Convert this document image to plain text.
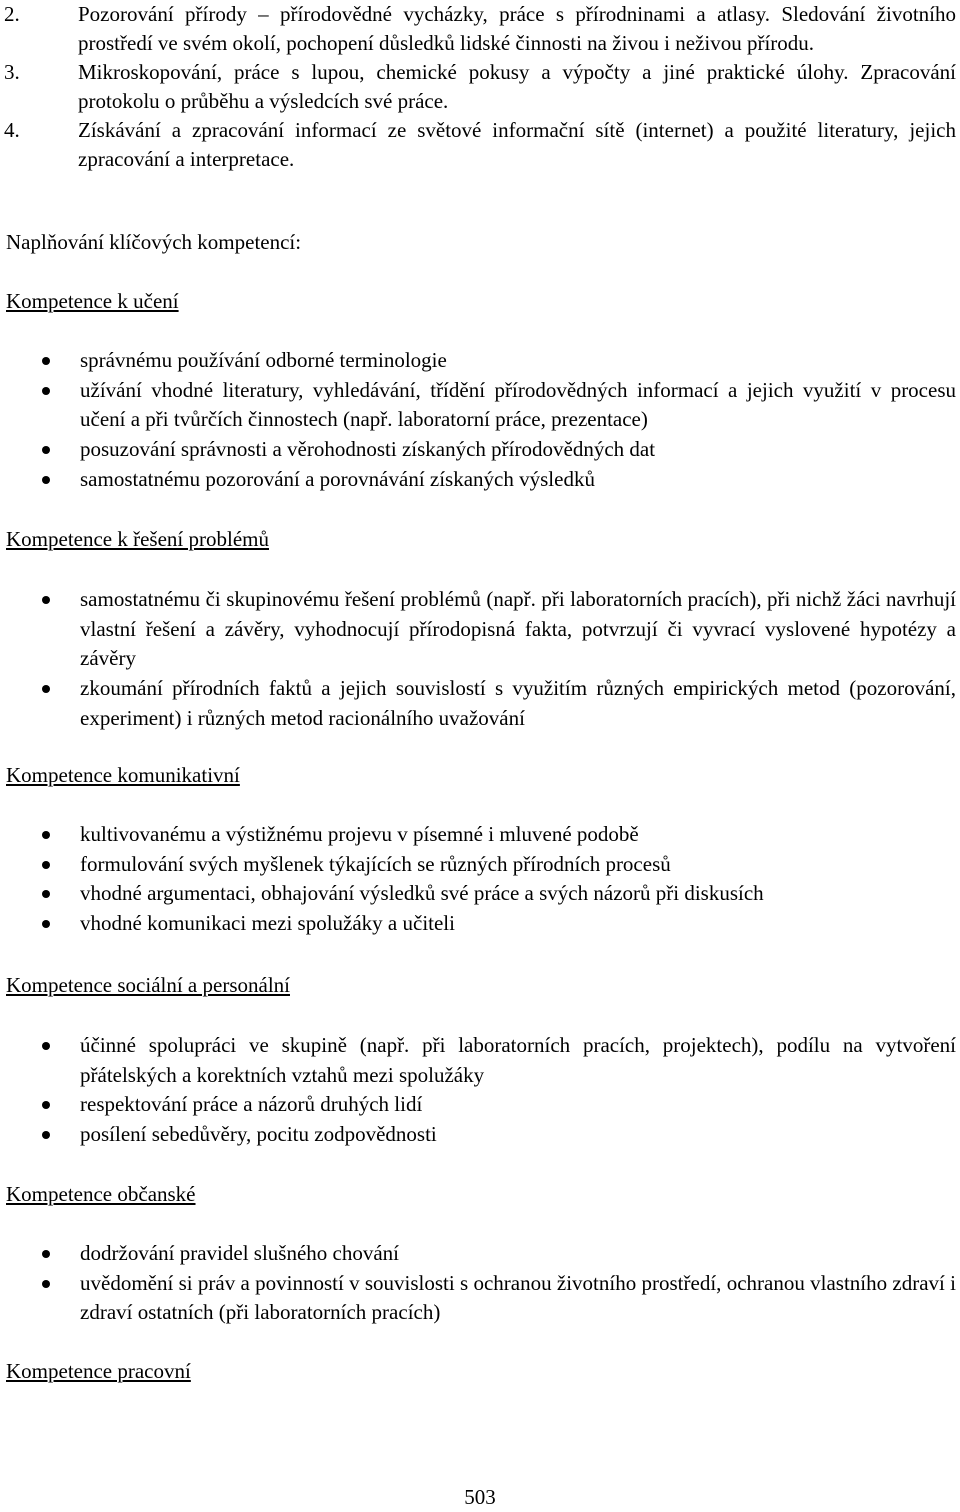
2.	Pozorování přírody – přírodovědné vycházky, práce s přírodninami a atlasy. Sledování životního prostředí ve svém okolí, pochopení důsledků lidské činnosti na živou i neživou přírodu.
3.	Mikroskopování, práce s lupou, chemické pokusy a výpočty a jiné praktické úlohy. Zpracování protokolu o průběhu a výsledcích své práce.
4.	Získávání a zpracování informací ze světové informační sítě (internet) a použité literatury, jejich zpracování a interpretace.
Naplňování klíčových kompetencí:
Kompetence k učení
správnému používání odborné terminologie
užívání vhodné literatury, vyhledávání, třídění přírodovědných informací a jejich využití v procesu učení a při tvůrčích činnostech (např. laboratorní práce, prezentace)
posuzování správnosti a věrohodnosti získaných přírodovědných dat
samostatnému pozorování a porovnávání získaných výsledků
Kompetence k řešení problémů
samostatnému či skupinovému řešení problémů (např. při laboratorních pracích), při nichž žáci navrhují vlastní řešení a závěry, vyhodnocují přírodopisná fakta, potvrzují či vyvrací vyslovené hypotézy a závěry
zkoumání přírodních faktů a jejich souvislostí s využitím různých empirických metod (pozorování, experiment) i různých metod racionálního uvažování
Kompetence komunikativní
kultivovanému a výstižnému projevu v písemné i mluvené podobě
formulování svých myšlenek týkajících se různých přírodních procesů
vhodné argumentaci, obhajování výsledků své práce a svých názorů při diskusích
vhodné komunikaci mezi spolužáky a učiteli
Kompetence sociální a personální
účinné spolupráci ve skupině (např. při laboratorních pracích, projektech), podílu na vytvoření přátelských a korektních vztahů mezi spolužáky
respektování práce a názorů druhých lidí
posílení sebedůvěry, pocitu zodpovědnosti
Kompetence občanské
dodržování pravidel slušného chování
uvědomění si práv a povinností v souvislosti s ochranou životního prostředí, ochranou vlastního zdraví i zdraví ostatních (při laboratorních pracích)
Kompetence pracovní
503
